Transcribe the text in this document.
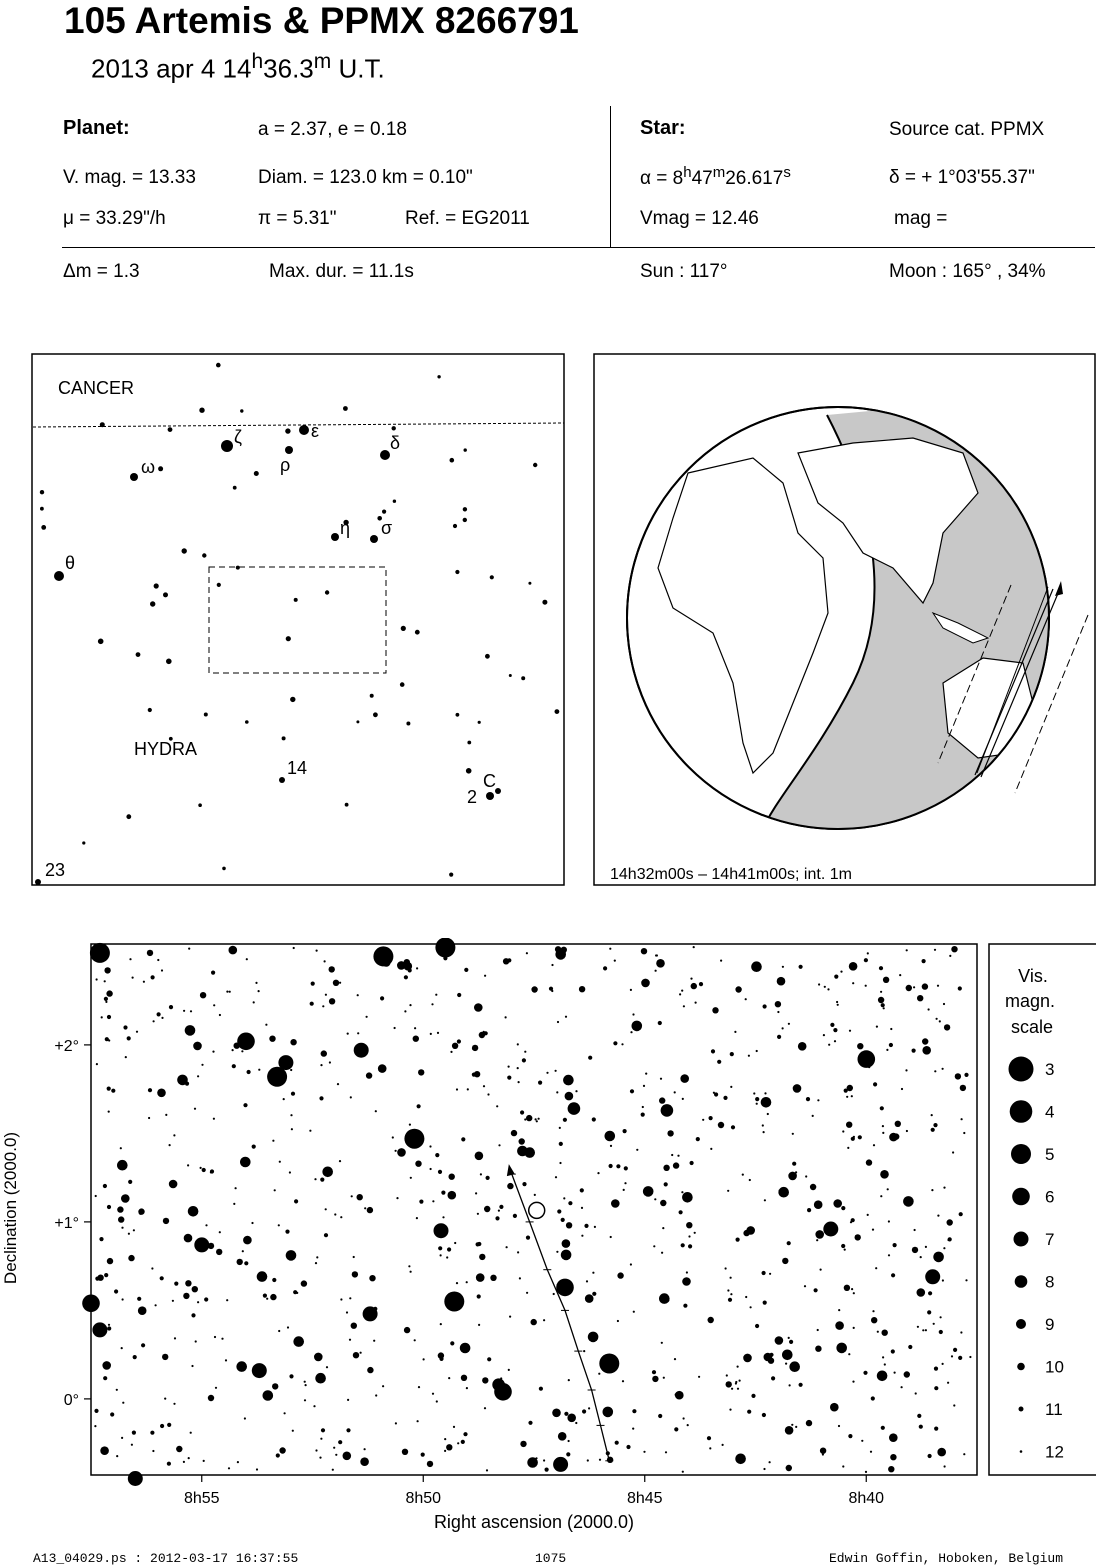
105 Artemis & PPMX 8266791
2013 apr 4 14$^h$36.3$^m$ U.T.
Planet:	a = 2.37, e = 0.18
V. mag. = 13.33	Diam. = 123.0 km = 0.10"
μ = 33.29"/h	π = 5.31"	Ref. = EG2011
Star:	Source cat. PPMX
$\alpha = 8^h47^m26.617^s$	δ = + 1°03'55.37"
Vmag = 12.46	mag =
Δm = 1.3	Max. dur. = 11.1s	Sun : 117°	Moon : 165° , 34%
CANCER
HYDRA
ζ	ε
ρ
δ
ω
η σ
θ
14
C
2
23	14h32m00s – 14h41m00s; int. 1m
8h55	8h50	8h45	8h40
+2°
+1°
0°
Right ascension (2000.0)
Declination (2000.0)
Vis.
magn.
scale
3
4
5
6
7
8
9
10
11
12
A13_04029.ps : 2012-03-17 16:37:55	1075	Edwin Goffin, Hoboken, Belgium
